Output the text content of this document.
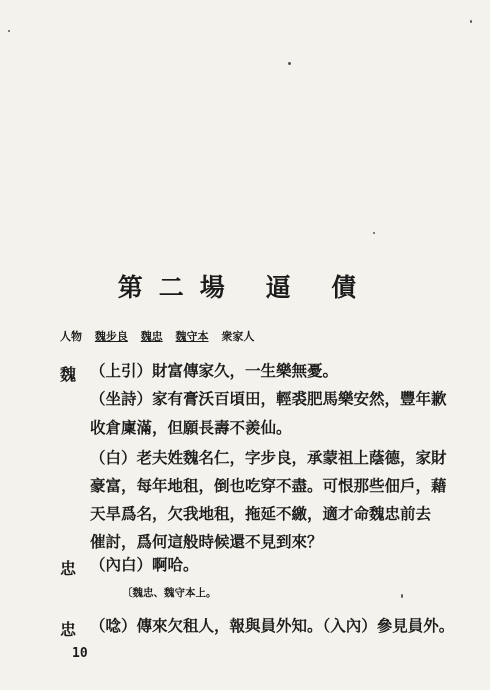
第二場 逼 債
人物 魏步良 魏忠 魏守本 衆家人
魏 （上引）財富傳家久，一生樂無憂。
（坐詩）家有膏沃百頃田，輕裘肥馬樂安然，豐年歉
收倉廩滿，但願長壽不羨仙。
（白）老夫姓魏名仁，字步良，承蒙祖上蔭德，家財
豪富，每年地租，倒也吃穿不盡。可恨那些佃戶，藉
天旱爲名，欠我地租，拖延不繳，適才命魏忠前去
催討，爲何這般時候還不見到來？
忠 （內白）啊哈。
〔魏忠、魏守本上。
忠 （唸）傳來欠租人，報與員外知。（入內）參見員外。
10
